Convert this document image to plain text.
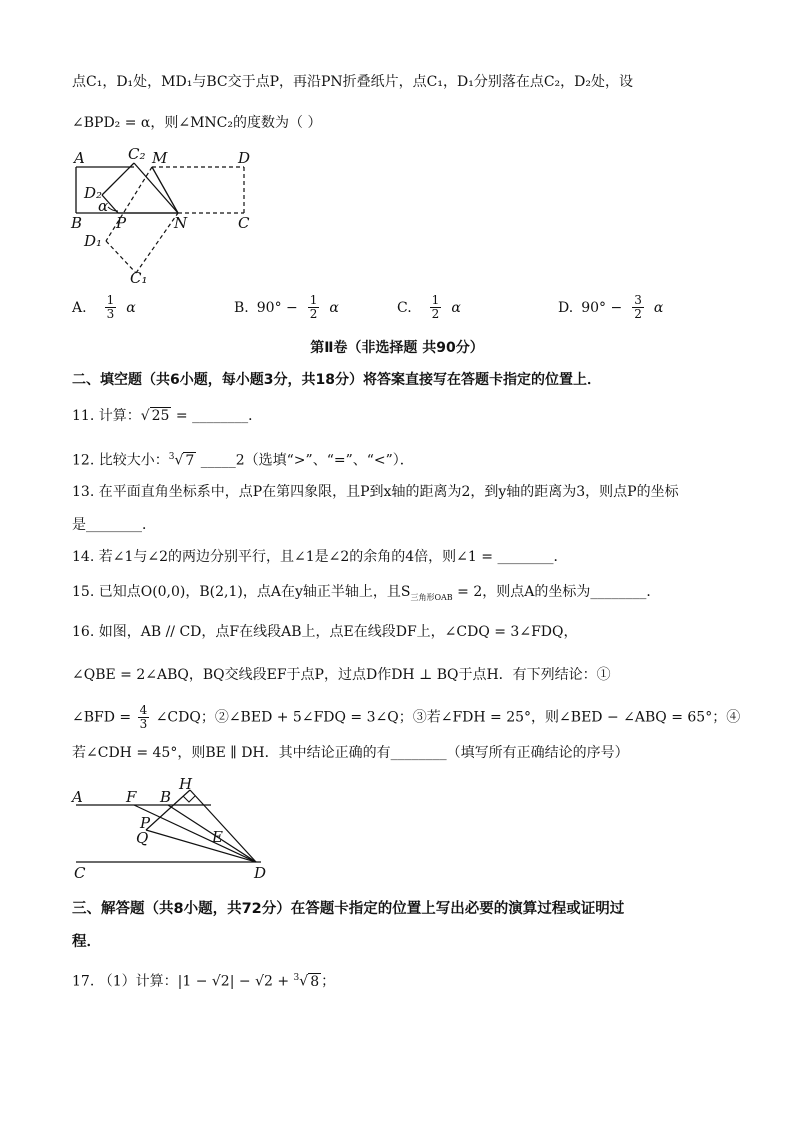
点C₁，D₁处，MD₁与BC交于点P，再沿PN折叠纸片，点C₁，D₁分别落在点C₂，D₂处，设
∠BPD₂ = α，则∠MNC₂的度数为（ ）
A
B	C
D
C₂ M
D₂
α
P	N
D₁
C₁
A. $\frac{1}{3}$ α	B. $90^\circ - \frac{1}{2}$ α	C. $\frac{1}{2}$ α	D. $90^\circ - \frac{3}{2}$ α
第Ⅱ卷（非选择题 共90分）
二、填空题（共6小题，每小题3分，共18分）将答案直接写在答题卡指定的位置上．
11. 计算：√ 25 = ________．
12. 比较大小：$^3$√ 7 _____2（选填“>”、“=”、“<”）．
13. 在平面直角坐标系中，点P在第四象限，且P到x轴的距离为2，到y轴的距离为3，则点P的坐标
是________．
14. 若∠1与∠2的两边分别平行，且∠1是∠2的余角的4倍，则∠1 = ________．
15. 已知点O(0,0)，B(2,1)，点A在y轴正半轴上，且$S_{三角形OAB} = 2$，则点A的坐标为________．
16. 如图，AB // CD，点F在线段AB上，点E在线段DF上，∠CDQ = 3∠FDQ，
∠QBE = 2∠ABQ，BQ交线段EF于点P，过点D作DH ⊥ BQ于点H．有下列结论：①
∠BFD = $\frac{4}{3}$ ∠CDQ；②∠BED + 5∠FDQ = 3∠Q；③若∠FDH = 25°，则∠BED − ∠ABQ = 65°；④
若∠CDH = 45°，则BE ∥ DH．其中结论正确的有________（填写所有正确结论的序号）
A	F B
H
P
Q	E
C	D
三、解答题（共8小题，共72分）在答题卡指定的位置上写出必要的演算过程或证明过
程．
17. （1）计算：|1 − √2| − √2 + $^3$√ 8 ；
